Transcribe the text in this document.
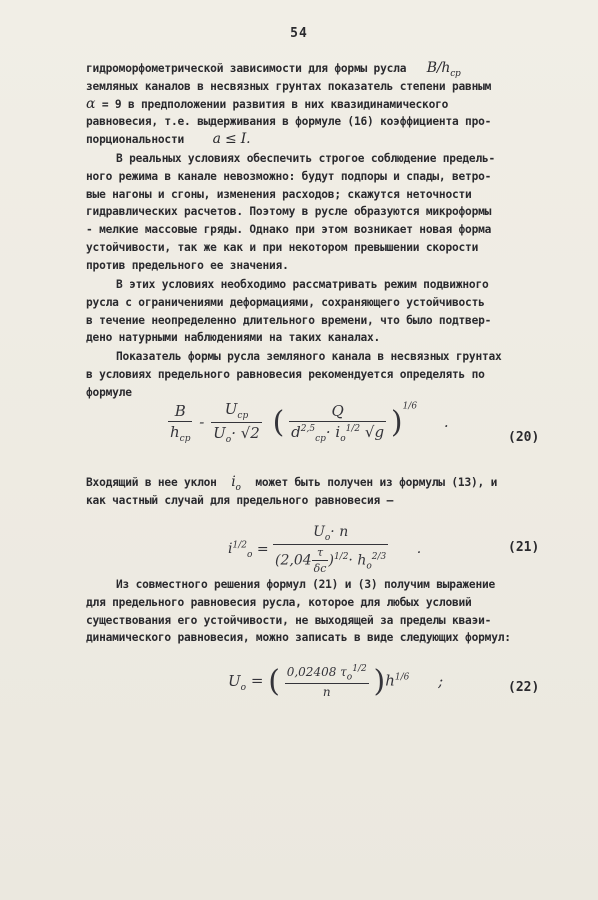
54
гидроморфометрической зависимости для формы русла $B/h_{cp}$
земляных каналов в несвязных грунтах показатель степени равным
α = 9 в предположении развития в них квазидинамического
равновесия, т.е. выдерживания в формуле (16) коэффициента про-
порциональности a ≤ I.
В реальных условиях обеспечить строгое соблюдение предель-
ного режима в канале невозможно: будут подпоры и спады, ветро-
вые нагоны и сгоны, изменения расходов; скажутся неточности
гидравлических расчетов. Поэтому в русле образуются микроформы
- мелкие массовые гряды. Однако при этом возникает новая форма
устойчивости, так же как и при некотором превышении скорости
против предельного ее значения.
В этих условиях необходимо рассматривать режим подвижного
русла с ограничениями деформациями, сохраняющего устойчивость
в течение неопределенно длительного времени, что было подтвер-
дено натурными наблюдениями на таких каналах.
Показатель формы русла земляного канала в несвязных грунтах
в условиях предельного равновесия рекомендуется определять по
формуле
$\frac{B}{h_{cp}} - \frac{U_{cp}}{U_o\cdot √2}$ ( $\frac{Q}{d^{2,5}_{cp}\cdot i_o^{1/2} √g} )^{1/6}$ .
(20)
Входящий в нее уклон $i_o$ может быть получен из формулы (13), и
как частный случай для предельного равновесия —
$i^{1/2}_o = \frac{U_o\cdot n}{(2,04 \frac{\tau}{\delta c} )^{1/2}\cdot h_o^{2/3}}$ .	(21)
Из совместного решения формул (21) и (3) получим выражение
для предельного равновесия русла, которое для любых условий
существования его устойчивости, не выходящей за пределы кваэи-
динамического равновесия, можно записать в виде следующих формул:
$U_o$ = ( $\frac{0,02408 \tau_o^{1/2}}{n} )h^{1/6}$ ;	(22)
